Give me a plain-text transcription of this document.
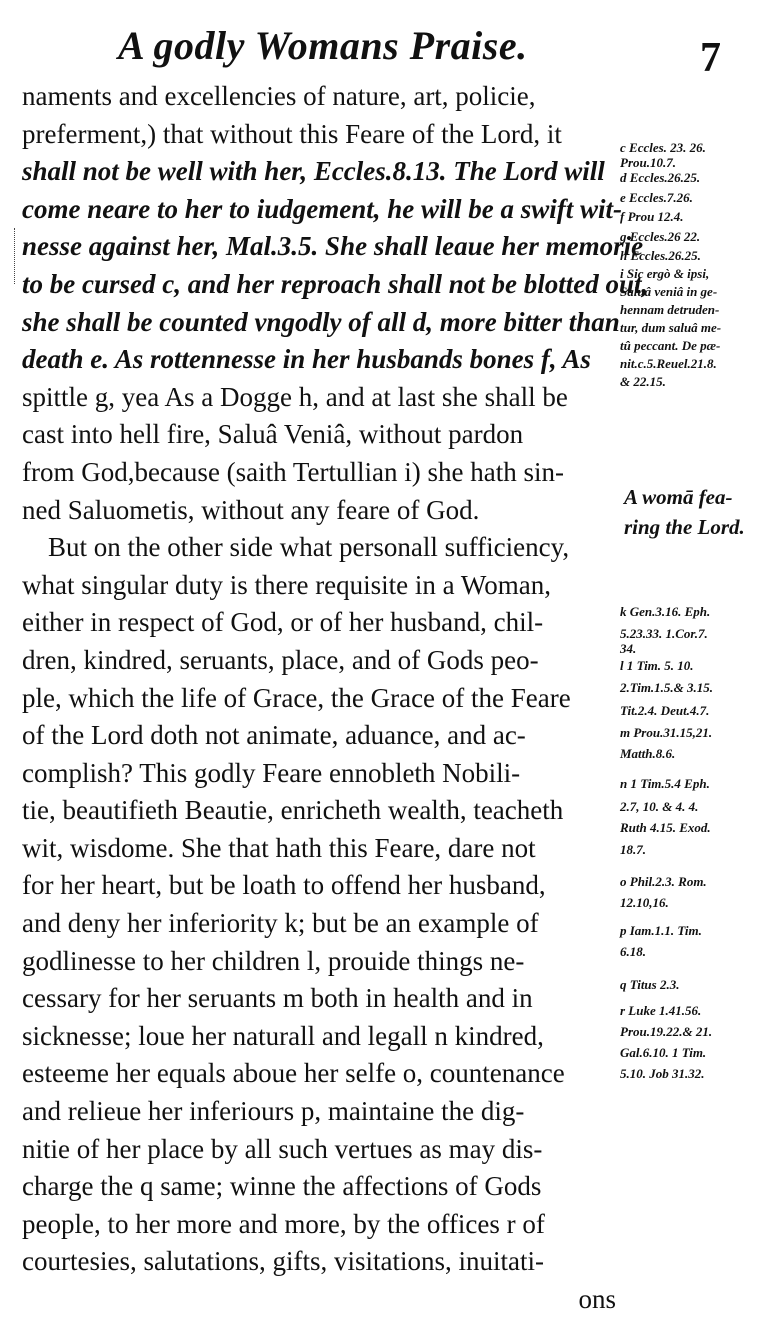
A godly Womans Praise.	7
naments and excellencies of nature, art, policie,
preferment,) that without this Feare of the Lord, it
shall not be well with her, Eccles.8.13. The Lord will
come neare to her to iudgement, he will be a swift wit-
nesse against her, Mal.3.5. She shall leaue her memorie
to be cursed c, and her reproach shall not be blotted out,
she shall be counted vngodly of all d, more bitter than
death e. As rottennesse in her husbands bones f, As
spittle g, yea As a Dogge h, and at last she shall be
cast into hell fire, Saluâ Veniâ, without pardon
from God,because (saith Tertullian i) she hath sin-
ned Saluometis, without any feare of God.
But on the other side what personall sufficiency,
what singular duty is there requisite in a Woman,
either in respect of God, or of her husband, chil-
dren, kindred, seruants, place, and of Gods peo-
ple, which the life of Grace, the Grace of the Feare
of the Lord doth not animate, aduance, and ac-
complish? This godly Feare ennobleth Nobili-
tie, beautifieth Beautie, enricheth wealth, teacheth
wit, wisdome. She that hath this Feare, dare not
for her heart, but be loath to offend her husband,
and deny her inferiority k; but be an example of
godlinesse to her children l, prouide things ne-
cessary for her seruants m both in health and in
sicknesse; loue her naturall and legall n kindred,
esteeme her equals aboue her selfe o, countenance
and relieue her inferiours p, maintaine the dig-
nitie of her place by all such vertues as may dis-
charge the q same; winne the affections of Gods
people, to her more and more, by the offices r of
courtesies, salutations, gifts, visitations, inuitati-
ons
A womā fea-
ring the Lord.
c Eccles. 23. 26.
Prou.10.7.
d Eccles.26.25.
e Eccles.7.26.
f Prou 12.4.
g Eccles.26 22.
h Eccles.26.25.
i Sic ergò & ipsi,
Saluâ veniâ in ge-
hennam detruden-
tur, dum saluâ me-
tû peccant. De pæ-
nit.c.5.Reuel.21.8.
& 22.15.
k Gen.3.16. Eph.
5.23.33. 1.Cor.7.
34.
l 1 Tim. 5. 10.
2.Tim.1.5.& 3.15.
Tit.2.4. Deut.4.7.
m Prou.31.15,21.
Matth.8.6.
n 1 Tim.5.4 Eph.
2.7, 10. & 4. 4.
Ruth 4.15. Exod.
18.7.
o Phil.2.3. Rom.
12.10,16.
p Iam.1.1. Tim.
6.18.
q Titus 2.3.
r Luke 1.41.56.
Prou.19.22.& 21.
Gal.6.10. 1 Tim.
5.10. Job 31.32.
